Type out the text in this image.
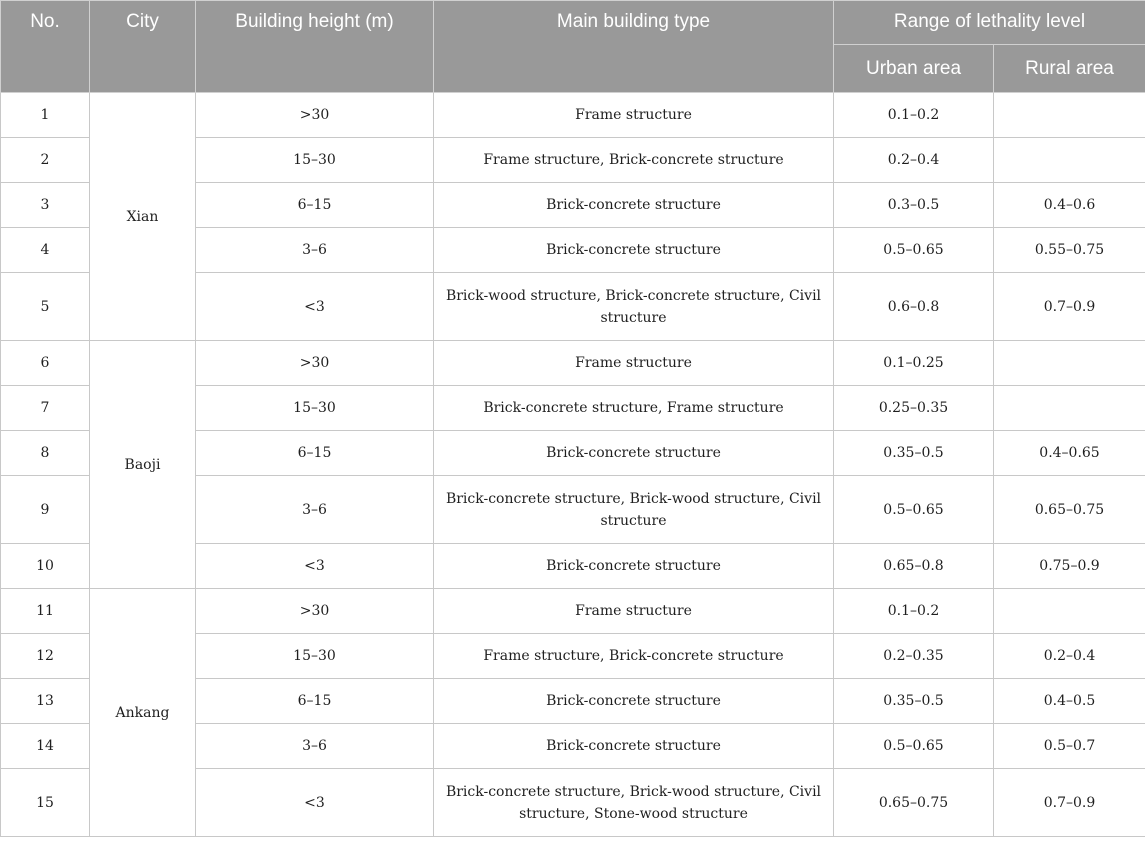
No.	City	Building height (m)	Main building type	Range of lethality level	
				Urban area	Rural area
1	Xian	>30	Frame structure	0.1–0.2	
2		15–30	Frame structure, Brick-concrete structure	0.2–0.4	
3		6–15	Brick-concrete structure	0.3–0.5	0.4–0.6
4		3–6	Brick-concrete structure	0.5–0.65	0.55–0.75
5		<3	Brick-wood structure, Brick-concrete structure, Civil structure	0.6–0.8	0.7–0.9
6	Baoji	>30	Frame structure	0.1–0.25	
7		15–30	Brick-concrete structure, Frame structure	0.25–0.35	
8		6–15	Brick-concrete structure	0.35–0.5	0.4–0.65
9		3–6	Brick-concrete structure, Brick-wood structure, Civil structure	0.5–0.65	0.65–0.75
10		<3	Brick-concrete structure	0.65–0.8	0.75–0.9
11	Ankang	>30	Frame structure	0.1–0.2	
12		15–30	Frame structure, Brick-concrete structure	0.2–0.35	0.2–0.4
13		6–15	Brick-concrete structure	0.35–0.5	0.4–0.5
14		3–6	Brick-concrete structure	0.5–0.65	0.5–0.7
15		<3	Brick-concrete structure, Brick-wood structure, Civil structure, Stone-wood structure	0.65–0.75	0.7–0.9
